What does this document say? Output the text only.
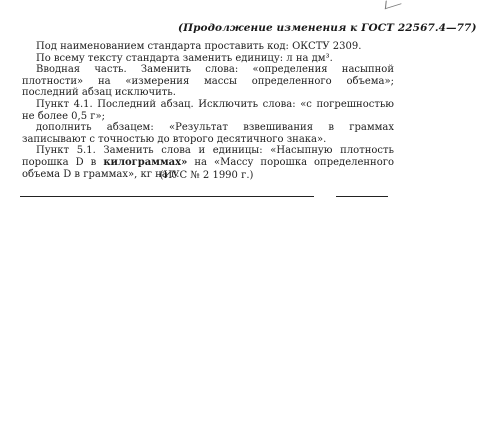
(Продолжение изменения к ГОСТ 22567.4—77)

Под наименованием стандарта проставить код: ОКСТУ 2309.

По всему тексту стандарта заменить единицу: л на дм³.

Вводная часть. Заменить слова: «определения насыпной плотности» на «измерения массы определенного объема»; последний абзац исключить.

Пункт 4.1. Последний абзац. Исключить слова: «с погрешностью не более 0,5 г»;

дополнить абзацем: «Результат взвешивания в граммах записывают с точностью до второго десятичного знака».

Пункт 5.1. Заменить слова и единицы: «Насыпную плотность порошка D в килограммах» на «Массу порошка определенного объема D в граммах», кг на г.

(ИУС № 2 1990 г.)
